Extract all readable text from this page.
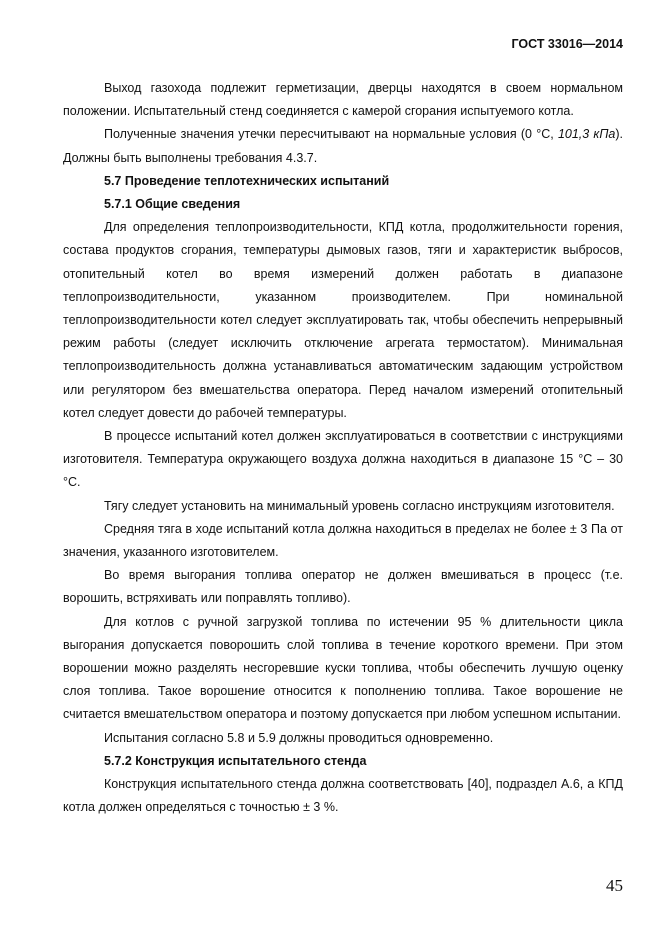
ГОСТ 33016—2014

Выход газохода подлежит герметизации, дверцы находятся в своем нормальном положении. Испытательный стенд соединяется с камерой сгорания испытуемого котла.

Полученные значения утечки пересчитывают на нормальные условия (0 °С, 101,3 кПа). Должны быть выполнены требования 4.3.7.

5.7 Проведение теплотехнических испытаний
5.7.1 Общие сведения

Для определения теплопроизводительности, КПД котла, продолжительности горения, состава продуктов сгорания, температуры дымовых газов, тяги и характеристик выбросов, отопительный котел во время измерений должен работать в диапазоне теплопроизводительности, указанном производителем. При номинальной теплопроизводительности котел следует эксплуатировать так, чтобы обеспечить непрерывный режим работы (следует исключить отключение агрегата термостатом). Минимальная теплопроизводительность должна устанавливаться автоматическим задающим устройством или регулятором без вмешательства оператора. Перед началом измерений отопительный котел следует довести до рабочей температуры.

В процессе испытаний котел должен эксплуатироваться в соответствии с инструкциями изготовителя. Температура окружающего воздуха должна находиться в диапазоне 15 °С – 30 °С.

Тягу следует установить на минимальный уровень согласно инструкциям изготовителя.

Средняя тяга в ходе испытаний котла должна находиться в пределах не более ± 3 Па от значения, указанного изготовителем.

Во время выгорания топлива оператор не должен вмешиваться в процесс (т.е. ворошить, встряхивать или поправлять топливо).

Для котлов с ручной загрузкой топлива по истечении 95 % длительности цикла выгорания допускается поворошить слой топлива в течение короткого времени. При этом ворошении можно разделять несгоревшие куски топлива, чтобы обеспечить лучшую оценку слоя топлива. Такое ворошение относится к пополнению топлива. Такое ворошение не считается вмешательством оператора и поэтому допускается при любом успешном испытании.

Испытания согласно 5.8 и 5.9 должны проводиться одновременно.

5.7.2 Конструкция испытательного стенда

Конструкция испытательного стенда должна соответствовать [40], подраздел А.6, а КПД котла должен определяться с точностью ± 3 %.

45
